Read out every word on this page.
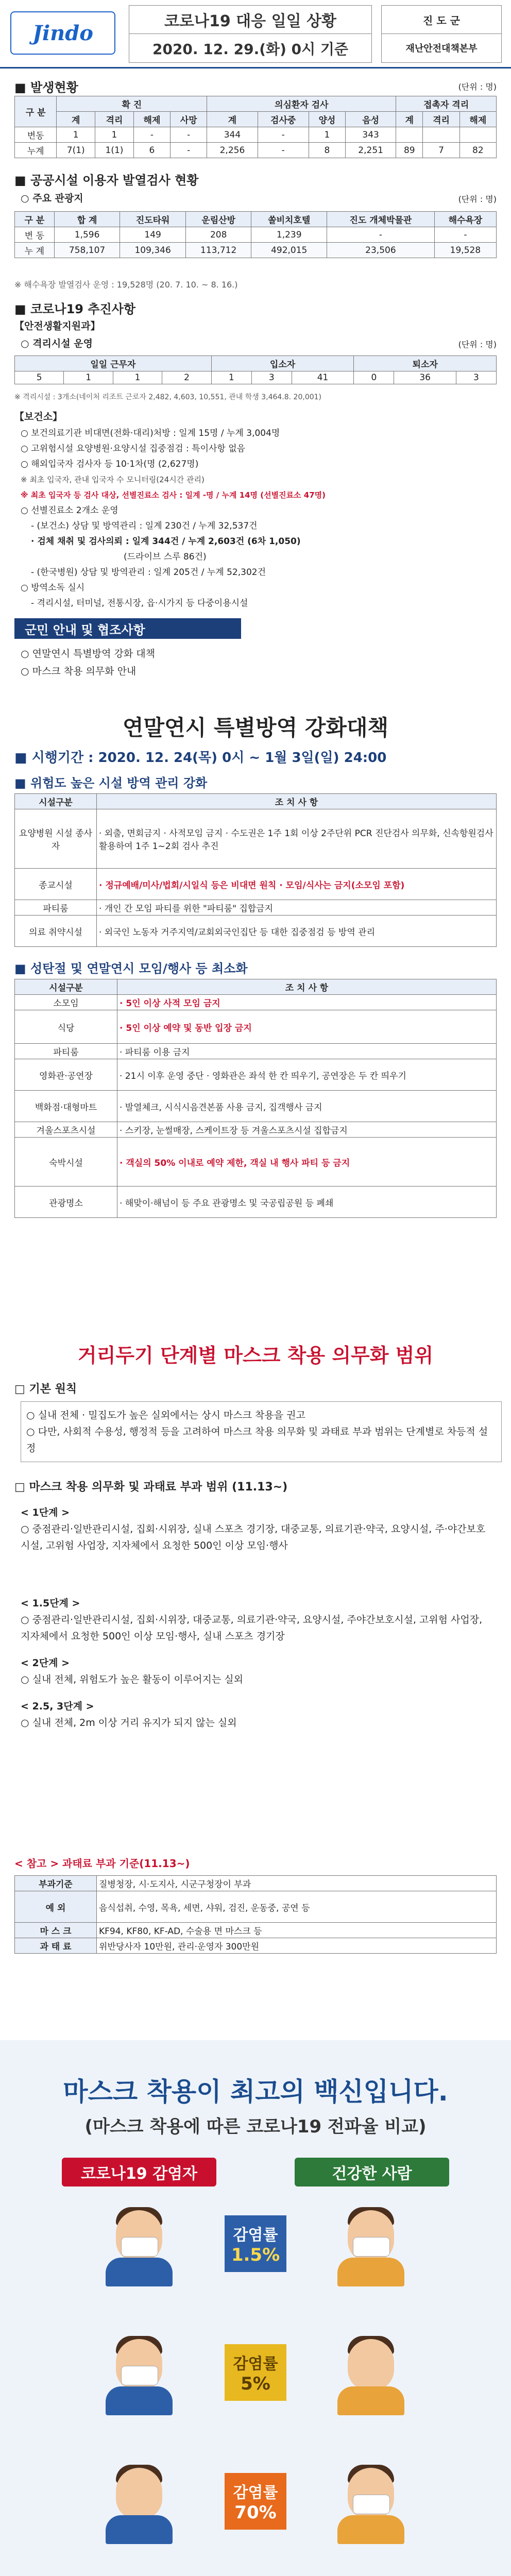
Jindo	코로나19 대응 일일 상황
2020. 12. 29.(화) 0시 기준
진 도 군
재난안전대책본부
■ 발생현황	(단위 : 명)
구 분	확 진				의심환자 검사				접촉자 격리		
	계	격리	해제	사망	계	검사중	양성	음성	계	격리	해제
변동	1	1	-	-	344	-	1	343			
누계	7(1)	1(1)	6	-	2,256	-	8	2,251	89	7	82
■ 공공시설 이용자 발열검사 현황
○ 주요 관광지	(단위 : 명)
구 분	합 계	진도타워	운림산방	쏠비치호텔	진도 개체박물관	해수욕장
변 동	1,596	149	208	1,239	-	-
누 계	758,107	109,346	113,712	492,015	23,506	19,528
※ 해수욕장 발열검사 운영 : 19,528명 (20. 7. 10. ~ 8. 16.)
■ 코로나19 추진사항
【안전생활지원과】
○ 격리시설 운영	(단위 : 명)
일일 근무자				입소자			퇴소자		
5	1	1	2	1	3	41	0	36	3
※ 격리시설 : 3개소(네이처 리조트 근로자 2,482, 4,603, 10,551, 관내 학생 3,464.8. 20,001)
【보건소】
○ 보건의료기관 비대면(전화·대리)처방 : 일계 15명 / 누계 3,004명
○ 고위험시설 요양병원·요양시설 집중점검 : 특이사항 없음
○ 해외입국자 검사자 등 10·1차(명 (2,627명)
※ 최초 입국자, 관내 입국자 수 모니터링(24시간 관리)
※ 최초 입국자 등 검사 대상, 선별진료소 검사 : 일계 -명 / 누계 14명 (선별진료소 47명)
○ 선별진료소 2개소 운영
- (보건소) 상담 및 방역관리 : 일계 230건 / 누계 32,537건
· 검체 채취 및 검사의뢰 : 일계 344건 / 누계 2,603건 (6차 1,050)
(드라이브 스루 86건)
- (한국병원) 상담 및 방역관리 : 일계 205건 / 누계 52,302건
○ 방역소독 실시
- 격리시설, 터미널, 전통시장, 읍·시가지 등 다중이용시설
군민 안내 및 협조사항
○ 연말연시 특별방역 강화 대책
○ 마스크 착용 의무화 안내
연말연시 특별방역 강화대책
■ 시행기간 : 2020. 12. 24(목) 0시 ~ 1월 3일(일) 24:00
■ 위험도 높은 시설 방역 관리 강화
시설구분	조 치 사 항
요양병원 시설 종사자	· 외출, 면회금지 · 사적모임 금지 · 수도권은 1주 1회 이상 2주단위 PCR 진단검사 의무화, 신속항원검사 활용하여 1주 1~2회 검사 추진
종교시설	· 정규예배/미사/법회/시일식 등은 비대면 원칙 · 모임/식사는 금지(소모임 포함)
파티룸	· 개인 간 모임 파티를 위한 "파티룸" 집합금지
의료 취약시설	· 외국인 노동자 거주지역/교회외국인집단 등 대한 집중점검 등 방역 관리
■ 성탄절 및 연말연시 모임/행사 등 최소화
시설구분	조 치 사 항
소모임	· 5인 이상 사적 모임 금지
식당	· 5인 이상 예약 및 동반 입장 금지
파티룸	· 파티룸 이용 금지
영화관·공연장	· 21시 이후 운영 중단 · 영화관은 좌석 한 칸 띄우기, 공연장은 두 칸 띄우기
백화점·대형마트	· 발열체크, 시식시음견본품 사용 금지, 집객행사 금지
겨울스포츠시설	· 스키장, 눈썰매장, 스케이트장 등 겨울스포츠시설 집합금지
숙박시설	· 객실의 50% 이내로 예약 제한, 객실 내 행사 파티 등 금지
관광명소	· 해맞이·해넘이 등 주요 관광명소 및 국공립공원 등 폐쇄
거리두기 단계별 마스크 착용 의무화 범위
□ 기본 원칙
○ 실내 전체 · 밀집도가 높은 실외에서는 상시 마스크 착용을 권고
○ 다만, 사회적 수용성, 행정적 등을 고려하여 마스크 착용 의무화 및 과태료 부과 범위는 단계별로 차등적 설정
□ 마스크 착용 의무화 및 과태료 부과 범위 (11.13~)
< 1단계 >
○ 중점관리·일반관리시설, 집회·시위장, 실내 스포츠 경기장, 대중교통, 의료기관·약국, 요양시설, 주·야간보호시설, 고위험 사업장, 지자체에서 요청한 500인 이상 모임·행사
< 1.5단계 >
○ 중점관리·일반관리시설, 집회·시위장, 대중교통, 의료기관·약국, 요양시설, 주야간보호시설, 고위험 사업장, 지자체에서 요청한 500인 이상 모임·행사, 실내 스포츠 경기장
< 2단계 >
○ 실내 전체, 위험도가 높은 활동이 이루어지는 실외
< 2.5, 3단계 >
○ 실내 전체, 2m 이상 거리 유지가 되지 않는 실외
< 참고 > 과태료 부과 기준(11.13~)
부과기준	질병청장, 시·도지사, 시군구청장이 부과
예 외	음식섭취, 수영, 목욕, 세면, 샤워, 검진, 운동중, 공연 등
마 스 크	KF94, KF80, KF-AD, 수술용 면 마스크 등
과 태 료	위반당사자 10만원, 관리·운영자 300만원
마스크 착용이 최고의 백신입니다.
(마스크 착용에 따른 코로나19 전파율 비교)
코로나19 감염자	건강한 사람
감염률
1.5%
감염률
5%
감염률
70%
